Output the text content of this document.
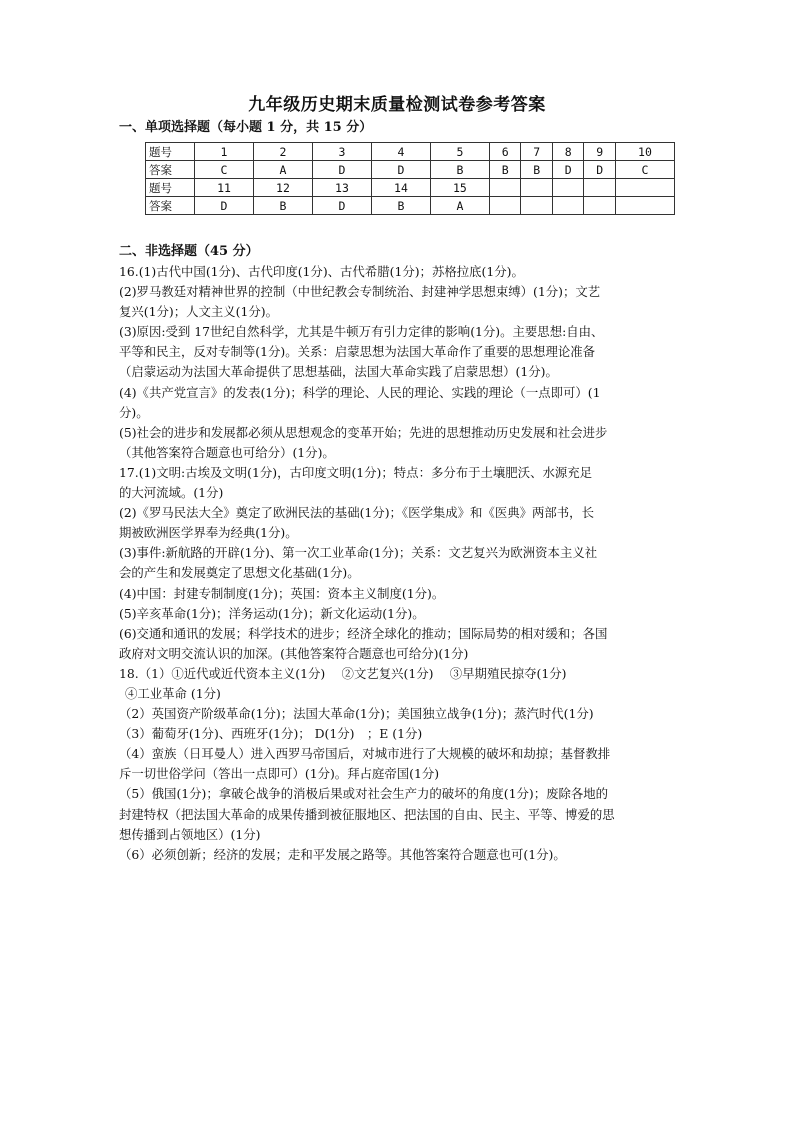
九年级历史期末质量检测试卷参考答案
一、单项选择题（每小题 1 分，共 15 分）
题号	1	2	3	4	5	6	7	8	9	10
答案	C	A	D	D	B	B	B	D	D	C
题号	11	12	13	14	15					
答案	D	B	D	B	A					
二、非选择题（45 分）

16.(1)古代中国(1分)、古代印度(1分)、古代希腊(1分)；苏格拉底(1分)。

(2)罗马教廷对精神世界的控制（中世纪教会专制统治、封建神学思想束缚）(1分)；文艺

复兴(1分)；人文主义(1分)。

(3)原因:受到 17世纪自然科学，尤其是牛顿万有引力定律的影响(1分)。主要思想:自由、

平等和民主，反对专制等(1分)。关系：启蒙思想为法国大革命作了重要的思想理论准备

（启蒙运动为法国大革命提供了思想基础，法国大革命实践了启蒙思想）(1分)。

(4)《共产党宣言》的发表(1分)；科学的理论、人民的理论、实践的理论（一点即可）(1

分)。

(5)社会的进步和发展都必须从思想观念的变革开始；先进的思想推动历史发展和社会进步

（其他答案符合题意也可给分）(1分)。

17.(1)文明:古埃及文明(1分)，古印度文明(1分)；特点：多分布于土壤肥沃、水源充足

的大河流域。(1分)

(2)《罗马民法大全》奠定了欧洲民法的基础(1分)；《医学集成》和《医典》两部书，长

期被欧洲医学界奉为经典(1分)。

(3)事件:新航路的开辟(1分)、第一次工业革命(1分)；关系：文艺复兴为欧洲资本主义社

会的产生和发展奠定了思想文化基础(1分)。

(4)中国：封建专制制度(1分)；英国：资本主义制度(1分)。

(5)辛亥革命(1分)；洋务运动(1分)；新文化运动(1分)。

(6)交通和通讯的发展；科学技术的进步；经济全球化的推动；国际局势的相对缓和；各国

政府对文明交流认识的加深。(其他答案符合题意也可给分)(1分)

18.（1）①近代或近代资本主义(1分)　 ②文艺复兴(1分)　 ③早期殖民掠夺(1分)

④工业革命 (1分)

（2）英国资产阶级革命(1分)；法国大革命(1分)；美国独立战争(1分)；蒸汽时代(1分)

（3）葡萄牙(1分)、西班牙(1分)； D(1分)　；E (1分)

（4）蛮族（日耳曼人）进入西罗马帝国后，对城市进行了大规模的破坏和劫掠；基督教排

斥一切世俗学问（答出一点即可）(1分)。拜占庭帝国(1分)

（5）俄国(1分)；拿破仑战争的消极后果或对社会生产力的破坏的角度(1分)；废除各地的

封建特权（把法国大革命的成果传播到被征服地区、把法国的自由、民主、平等、博爱的思

想传播到占领地区）(1分)

（6）必须创新；经济的发展；走和平发展之路等。其他答案符合题意也可(1分)。
